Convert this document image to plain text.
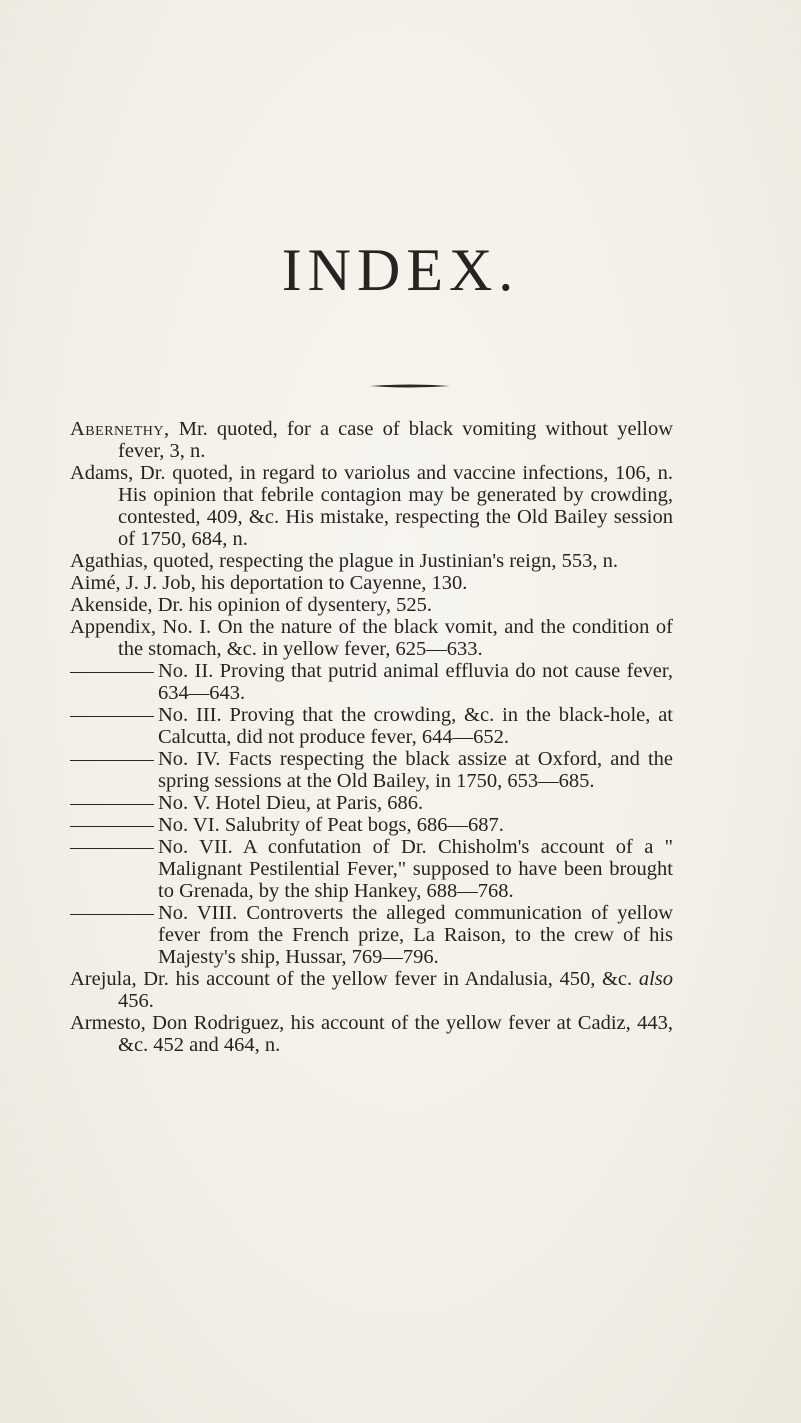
INDEX.

Abernethy, Mr. quoted, for a case of black vomiting without yellow fever, 3, n.

Adams, Dr. quoted, in regard to variolus and vaccine infections, 106, n. His opinion that febrile contagion may be generated by crowding, contested, 409, &c. His mistake, respecting the Old Bailey session of 1750, 684, n.

Agathias, quoted, respecting the plague in Justinian's reign, 553, n.

Aimé, J. J. Job, his deportation to Cayenne, 130.

Akenside, Dr. his opinion of dysentery, 525.

Appendix, No. I. On the nature of the black vomit, and the condition of the stomach, &c. in yellow fever, 625—633.

No. II. Proving that putrid animal effluvia do not cause fever, 634—643.

No. III. Proving that the crowding, &c. in the black-hole, at Calcutta, did not produce fever, 644—652.

No. IV. Facts respecting the black assize at Oxford, and the spring sessions at the Old Bailey, in 1750, 653—685.

No. V. Hotel Dieu, at Paris, 686.

No. VI. Salubrity of Peat bogs, 686—687.

No. VII. A confutation of Dr. Chisholm's account of a " Malignant Pestilential Fever," supposed to have been brought to Grenada, by the ship Hankey, 688—768.

No. VIII. Controverts the alleged communication of yellow fever from the French prize, La Raison, to the crew of his Majesty's ship, Hussar, 769—796.

Arejula, Dr. his account of the yellow fever in Andalusia, 450, &c. also 456.

Armesto, Don Rodriguez, his account of the yellow fever at Cadiz, 443, &c. 452 and 464, n.
